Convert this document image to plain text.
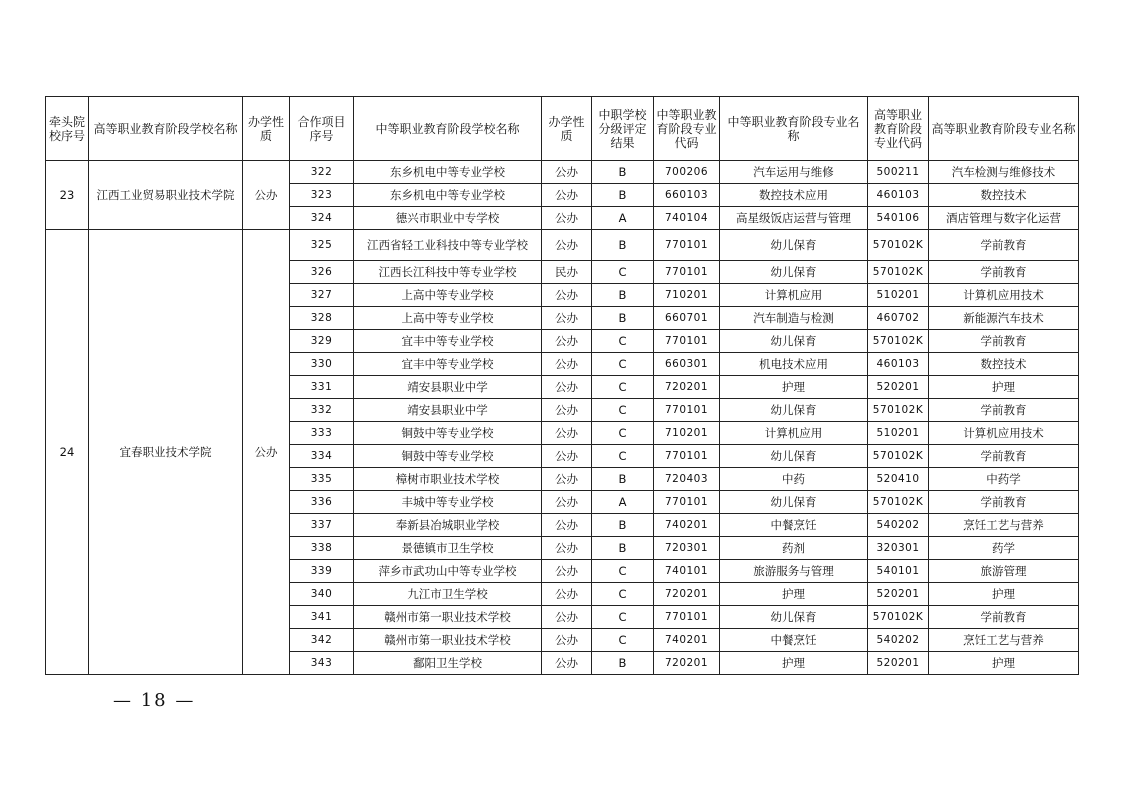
牵头院校序号	高等职业教育阶段学校名称	办学性质	合作项目序号	中等职业教育阶段学校名称	办学性质	中职学校分级评定结果	中等职业教育阶段专业代码	中等职业教育阶段专业名称	高等职业教育阶段专业代码	高等职业教育阶段专业名称
23	江西工业贸易职业技术学院	公办	322	东乡机电中等专业学校	公办	B	700206	汽车运用与维修	500211	汽车检测与维修技术
			323	东乡机电中等专业学校	公办	B	660103	数控技术应用	460103	数控技术
			324	德兴市职业中专学校	公办	A	740104	高星级饭店运营与管理	540106	酒店管理与数字化运营
24	宜春职业技术学院	公办	325	江西省轻工业科技中等专业学校	公办	B	770101	幼儿保育	570102K	学前教育
			326	江西长江科技中等专业学校	民办	C	770101	幼儿保育	570102K	学前教育
			327	上高中等专业学校	公办	B	710201	计算机应用	510201	计算机应用技术
			328	上高中等专业学校	公办	B	660701	汽车制造与检测	460702	新能源汽车技术
			329	宜丰中等专业学校	公办	C	770101	幼儿保育	570102K	学前教育
			330	宜丰中等专业学校	公办	C	660301	机电技术应用	460103	数控技术
			331	靖安县职业中学	公办	C	720201	护理	520201	护理
			332	靖安县职业中学	公办	C	770101	幼儿保育	570102K	学前教育
			333	铜鼓中等专业学校	公办	C	710201	计算机应用	510201	计算机应用技术
			334	铜鼓中等专业学校	公办	C	770101	幼儿保育	570102K	学前教育
			335	樟树市职业技术学校	公办	B	720403	中药	520410	中药学
			336	丰城中等专业学校	公办	A	770101	幼儿保育	570102K	学前教育
			337	奉新县冶城职业学校	公办	B	740201	中餐烹饪	540202	烹饪工艺与营养
			338	景德镇市卫生学校	公办	B	720301	药剂	320301	药学
			339	萍乡市武功山中等专业学校	公办	C	740101	旅游服务与管理	540101	旅游管理
			340	九江市卫生学校	公办	C	720201	护理	520201	护理
			341	赣州市第一职业技术学校	公办	C	770101	幼儿保育	570102K	学前教育
			342	赣州市第一职业技术学校	公办	C	740201	中餐烹饪	540202	烹饪工艺与营养
			343	鄱阳卫生学校	公办	B	720201	护理	520201	护理
— 18 —
